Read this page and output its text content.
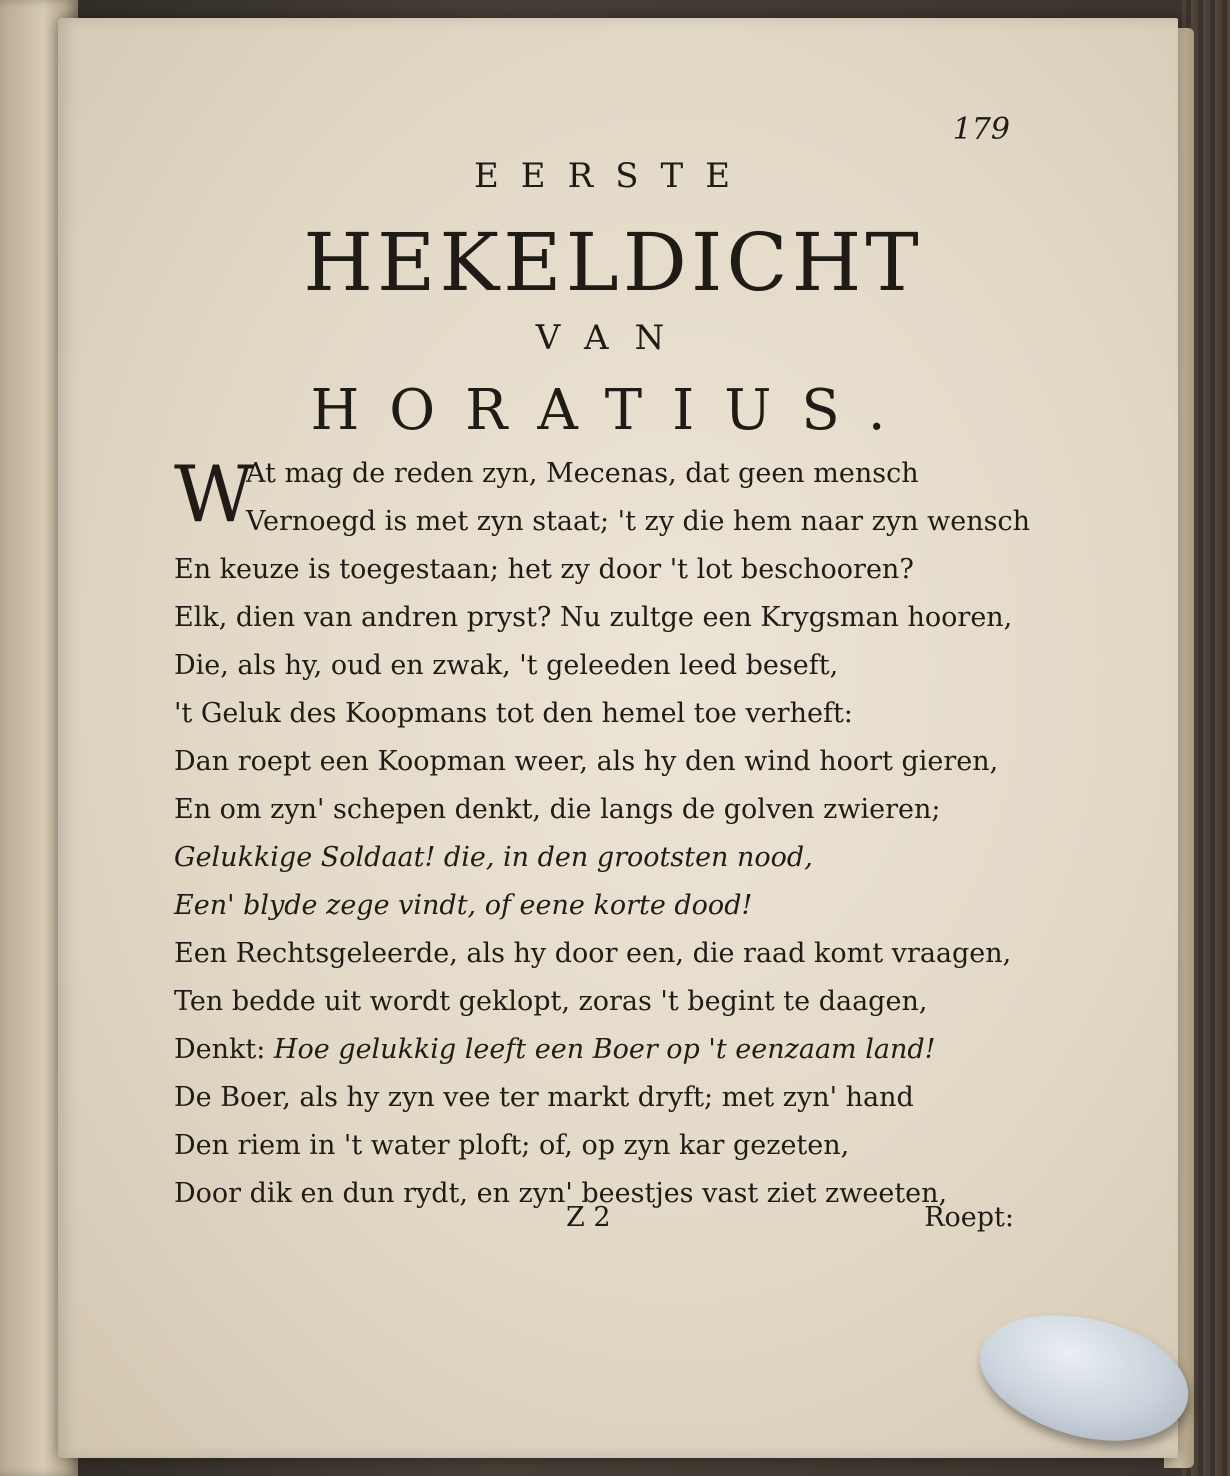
179
EERSTE
HEKELDICHT
VAN
HORATIUS.
W
At mag de reden zyn, Mecenas, dat geen mensch
Vernoegd is met zyn staat; 't zy die hem naar zyn wensch
En keuze is toegestaan; het zy door 't lot beschooren?
Elk, dien van andren pryst? Nu zultge een Krygsman hooren,
Die, als hy, oud en zwak, 't geleeden leed beseft,
't Geluk des Koopmans tot den hemel toe verheft:
Dan roept een Koopman weer, als hy den wind hoort gieren,
En om zyn' schepen denkt, die langs de golven zwieren;
Gelukkige Soldaat! die, in den grootsten nood,
Een' blyde zege vindt, of eene korte dood!
Een Rechtsgeleerde, als hy door een, die raad komt vraagen,
Ten bedde uit wordt geklopt, zoras 't begint te daagen,
Denkt: Hoe gelukkig leeft een Boer op 't eenzaam land!
De Boer, als hy zyn vee ter markt dryft; met zyn' hand
Den riem in 't water ploft; of, op zyn kar gezeten,
Door dik en dun rydt, en zyn' beestjes vast ziet zweeten,
Z 2	Roept:
